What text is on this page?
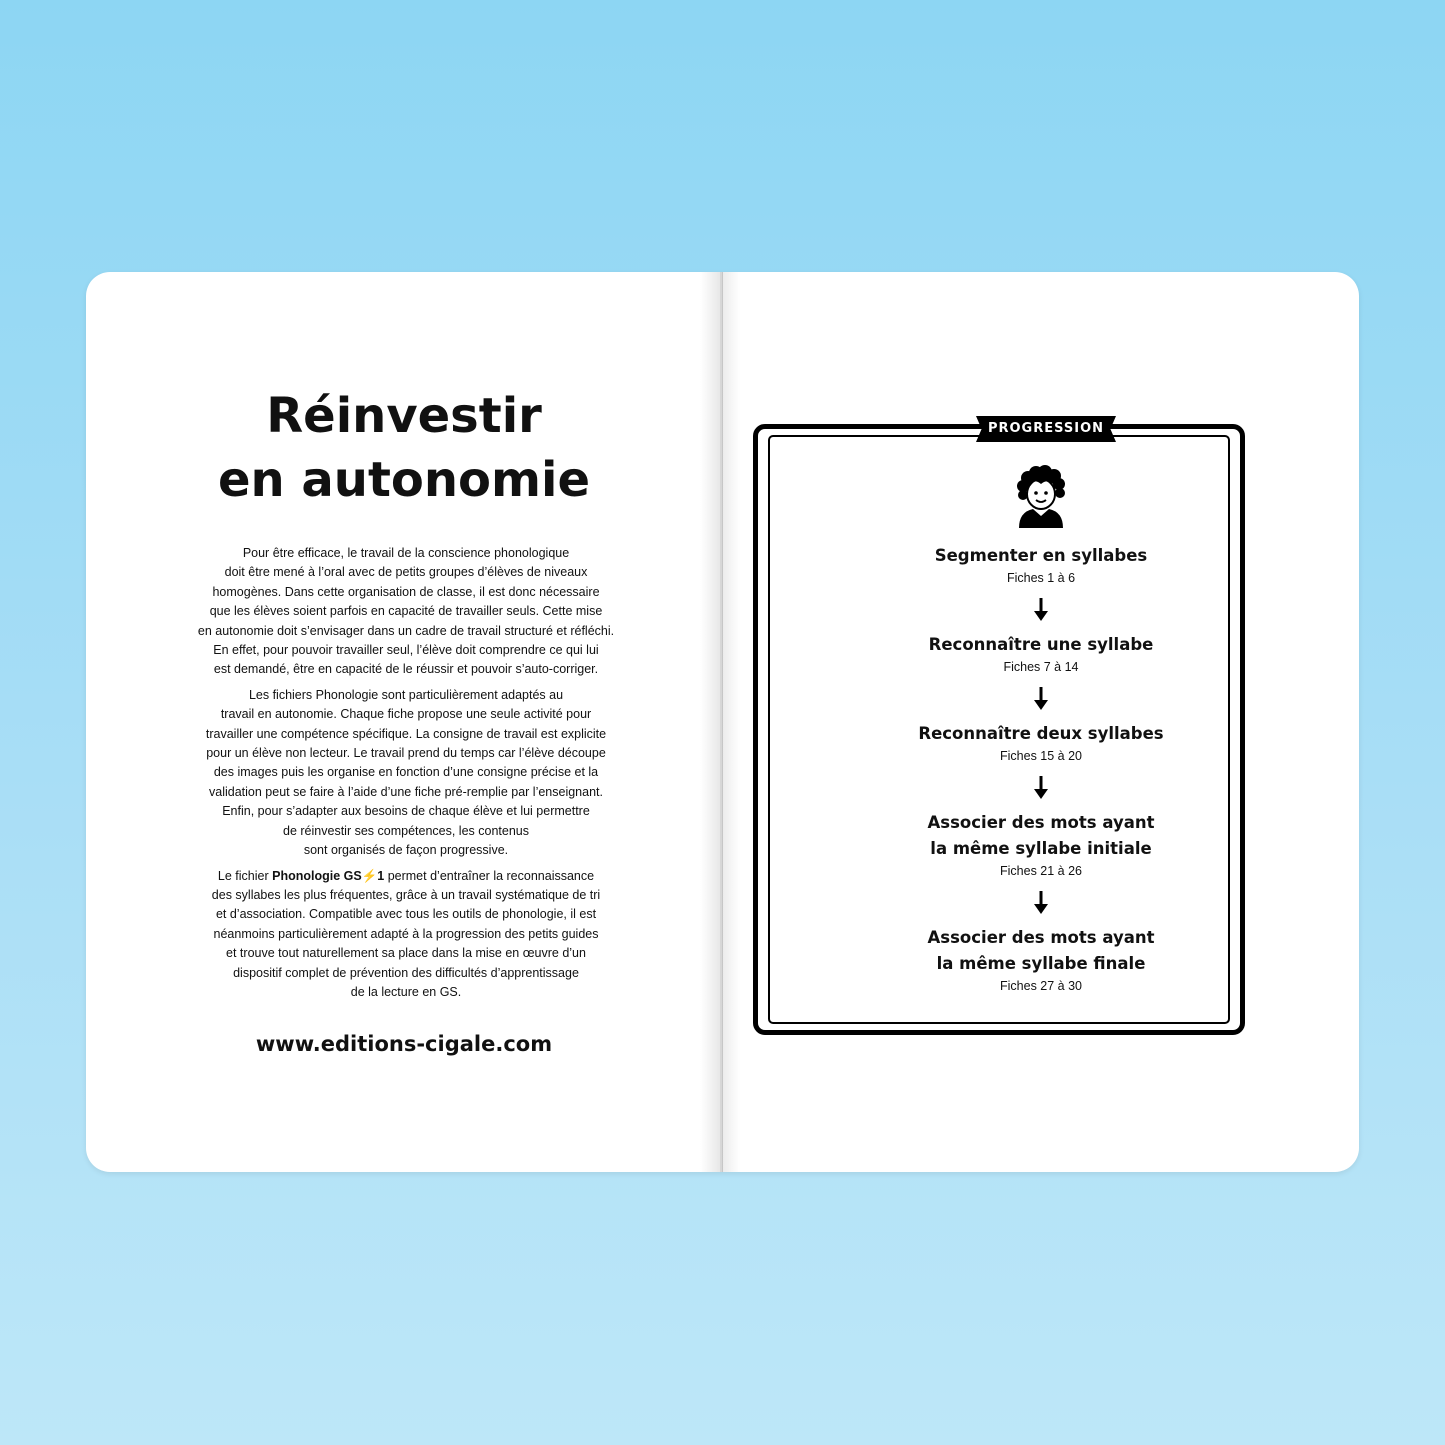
Réinvestir
en autonomie

Pour être efficace, le travail de la conscience phonologique
doit être mené à l’oral avec de petits groupes d’élèves de niveaux
homogènes. Dans cette organisation de classe, il est donc nécessaire
que les élèves soient parfois en capacité de travailler seuls. Cette mise
en autonomie doit s’envisager dans un cadre de travail structuré et réfléchi.
En effet, pour pouvoir travailler seul, l’élève doit comprendre ce qui lui
est demandé, être en capacité de le réussir et pouvoir s’auto-corriger.

Les fichiers Phonologie sont particulièrement adaptés au
travail en autonomie. Chaque fiche propose une seule activité pour
travailler une compétence spécifique. La consigne de travail est explicite
pour un élève non lecteur. Le travail prend du temps car l’élève découpe
des images puis les organise en fonction d’une consigne précise et la
validation peut se faire à l’aide d’une fiche pré-remplie par l’enseignant.
Enfin, pour s’adapter aux besoins de chaque élève et lui permettre
de réinvestir ses compétences, les contenus
sont organisés de façon progressive.

Le fichier Phonologie GS⚡1 permet d’entraîner la reconnaissance
des syllabes les plus fréquentes, grâce à un travail systématique de tri
et d’association. Compatible avec tous les outils de phonologie, il est
néanmoins particulièrement adapté à la progression des petits guides
et trouve tout naturellement sa place dans la mise en œuvre d’un
dispositif complet de prévention des difficultés d’apprentissage
de la lecture en GS.

www.editions-cigale.com
PROGRESSION
Segmenter en syllabes
Fiches 1 à 6
Reconnaître une syllabe
Fiches 7 à 14
Reconnaître deux syllabes
Fiches 15 à 20
Associer des mots ayant
la même syllabe initiale
Fiches 21 à 26
Associer des mots ayant
la même syllabe finale
Fiches 27 à 30
